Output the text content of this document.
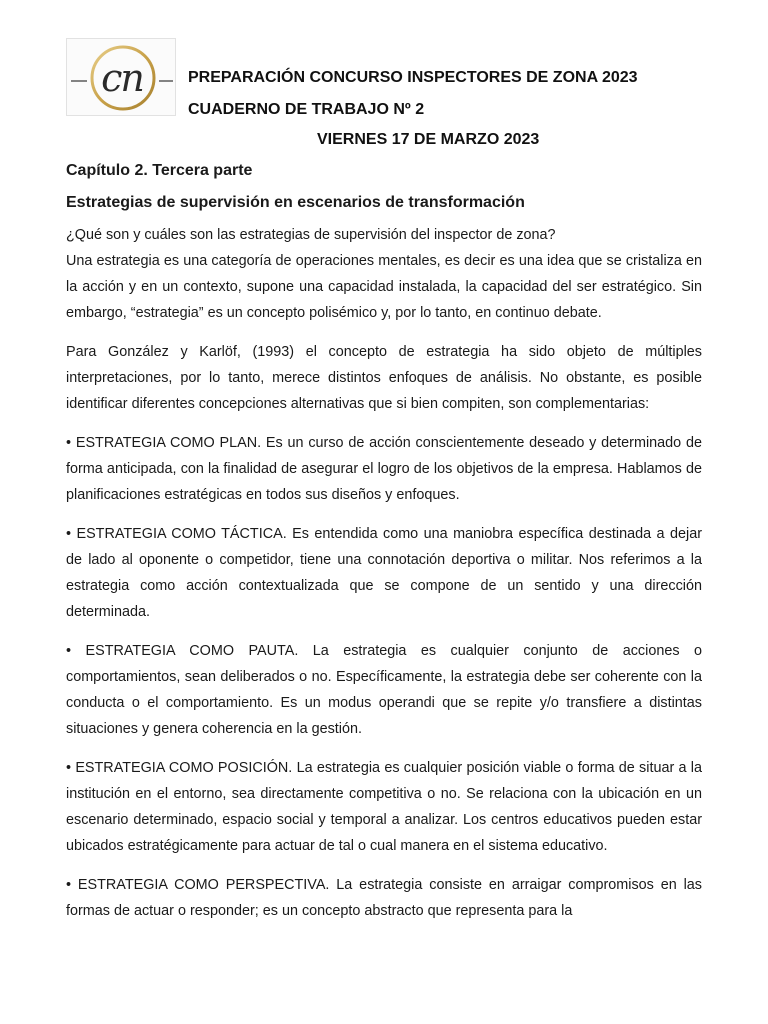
cn	PREPARACIÓN CONCURSO INSPECTORES DE ZONA 2023
CUADERNO DE TRABAJO Nº 2
VIERNES 17 DE MARZO 2023
Capítulo 2. Tercera parte
Estrategias de supervisión en escenarios de transformación

¿Qué son y cuáles son las estrategias de supervisión del inspector de zona?

Una estrategia es una categoría de operaciones mentales, es decir es una idea que se cristaliza en la acción y en un contexto, supone una capacidad instalada, la capacidad del ser estratégico. Sin embargo, “estrategia” es un concepto polisémico y, por lo tanto, en continuo debate.

Para González y Karlöf, (1993) el concepto de estrategia ha sido objeto de múltiples interpretaciones, por lo tanto, merece distintos enfoques de análisis. No obstante, es posible identificar diferentes concepciones alternativas que si bien compiten, son complementarias:

• ESTRATEGIA COMO PLAN. Es un curso de acción conscientemente deseado y determinado de forma anticipada, con la finalidad de asegurar el logro de los objetivos de la empresa. Hablamos de planificaciones estratégicas en todos sus diseños y enfoques.

• ESTRATEGIA COMO TÁCTICA. Es entendida como una maniobra específica destinada a dejar de lado al oponente o competidor, tiene una connotación deportiva o militar. Nos referimos a la estrategia como acción contextualizada que se compone de un sentido y una dirección determinada.

• ESTRATEGIA COMO PAUTA. La estrategia es cualquier conjunto de acciones o comportamientos, sean deliberados o no. Específicamente, la estrategia debe ser coherente con la conducta o el comportamiento. Es un modus operandi que se repite y/o transfiere a distintas situaciones y genera coherencia en la gestión.

• ESTRATEGIA COMO POSICIÓN. La estrategia es cualquier posición viable o forma de situar a la institución en el entorno, sea directamente competitiva o no. Se relaciona con la ubicación en un escenario determinado, espacio social y temporal a analizar. Los centros educativos pueden estar ubicados estratégicamente para actuar de tal o cual manera en el sistema educativo.

• ESTRATEGIA COMO PERSPECTIVA. La estrategia consiste en arraigar compromisos en las formas de actuar o responder; es un concepto abstracto que representa para la
